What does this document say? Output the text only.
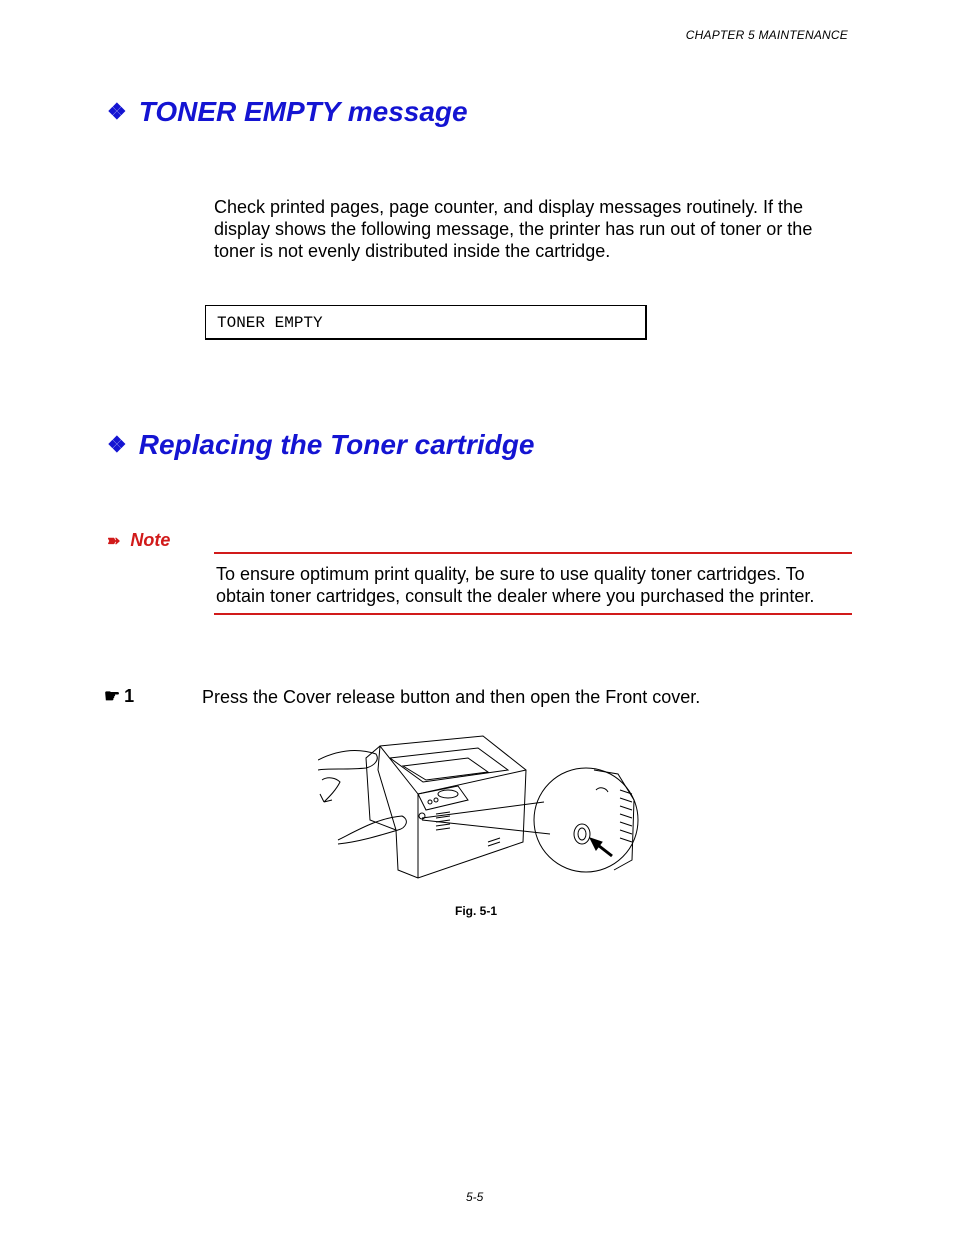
CHAPTER 5 MAINTENANCE
❖ TONER EMPTY message
Check printed pages, page counter, and display messages routinely. If the display shows the following message, the printer has run out of toner or the toner is not evenly distributed inside the cartridge.
TONER EMPTY
❖ Replacing the Toner cartridge
➽ Note
To ensure optimum print quality, be sure to use quality toner cartridges. To obtain toner cartridges, consult the dealer where you purchased the printer.
☛ 1	Press the Cover release button and then open the Front cover.
Fig. 5-1
5-5
